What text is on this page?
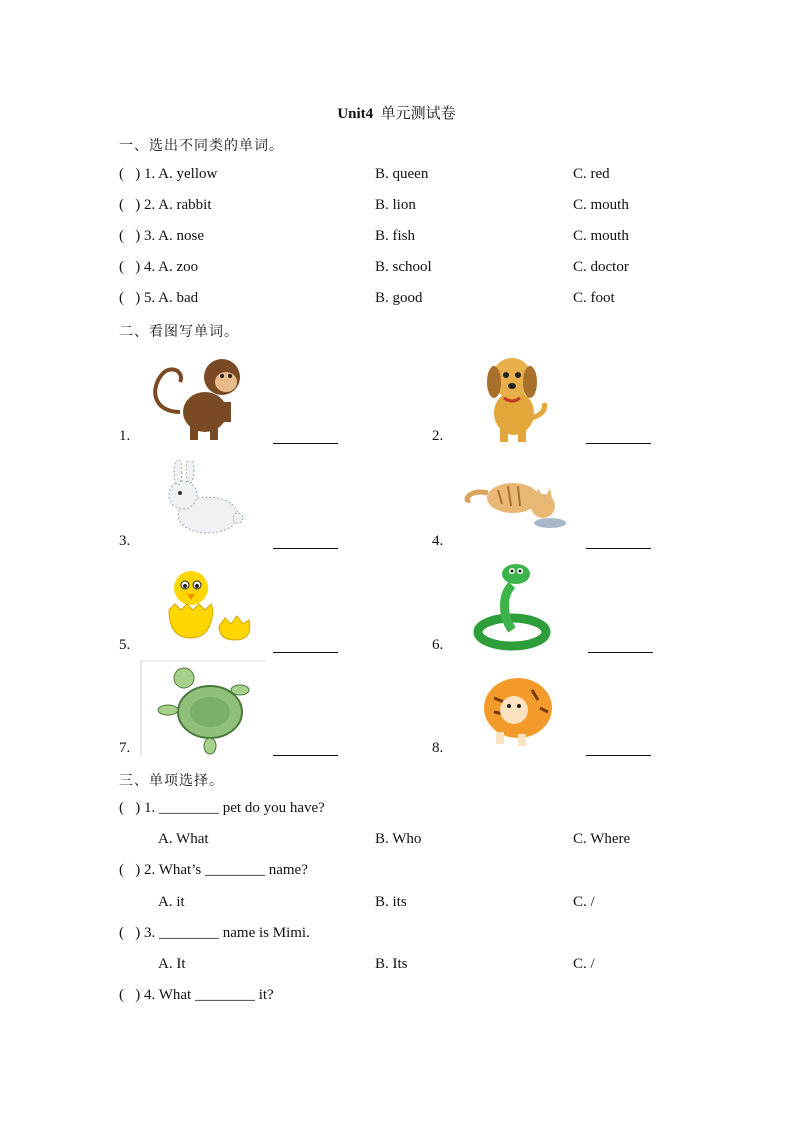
Unit4 单元测试卷
一、选出不同类的单词。
(   ) 1. A. yellow	B. queen	C. red
(   ) 2. A. rabbit	B. lion	C. mouth
(   ) 3. A. nose	B. fish	C. mouth
(   ) 4. A. zoo	B. school	C. doctor
(   ) 5. A. bad	B. good	C. foot
二、看图写单词。
1.	2.
3.	4.
5.	6.
7.	8.
三、单项选择。
(   ) 1. ________ pet do you have?
A. What	B. Who	C. Where
(   ) 2. What’s ________ name?
A. it	B. its	C. /
(   ) 3. ________ name is Mimi.
A. It	B. Its	C. /
(   ) 4. What ________ it?
